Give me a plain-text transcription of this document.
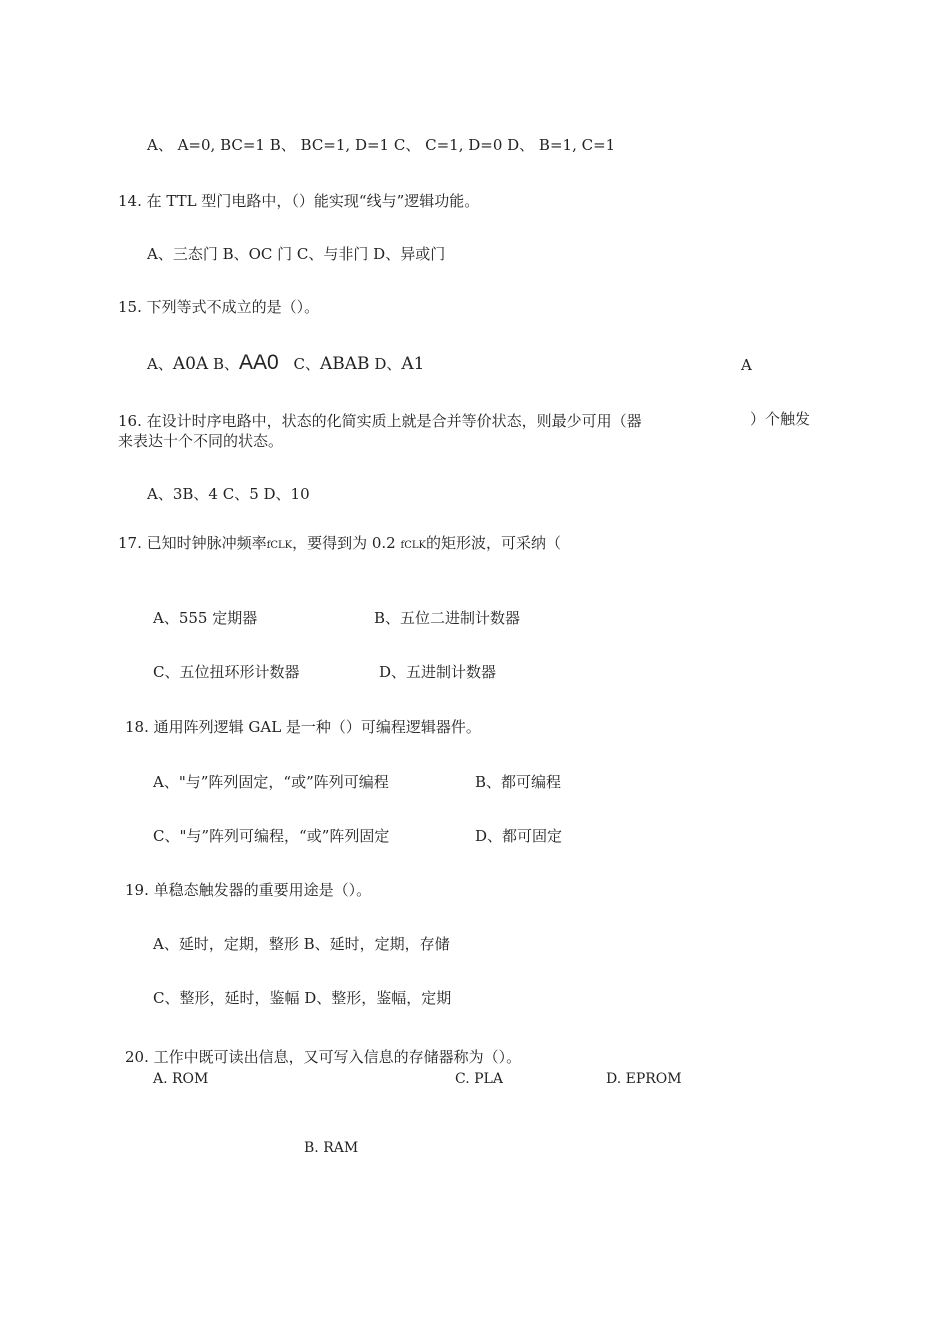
A、 A=0, BC=1 B、 BC=1, D=1 C、 C=1, D=0 D、 B=1, C=1
14. 在 TTL 型门电路中，（）能实现“线与”逻辑功能。
A、三态门 B、OC 门 C、与非门 D、异或门
15. 下列等式不成立的是（）。
A、A0A B、AA0 C、ABAB D、A1	A
16. 在设计时序电路中，状态的化简实质上就是合并等价状态，则最少可用（器	）个触发
来表达十个不同的状态。
A、3B、4 C、5 D、10
17. 已知时钟脉冲频率fCLK，要得到为 0.2 fCLK的矩形波，可采纳（
A、555 定期器	B、五位二进制计数器
C、五位扭环形计数器	D、五进制计数器
18. 通用阵列逻辑 GAL 是一种（）可编程逻辑器件。
A、"与”阵列固定，“或”阵列可编程	B、都可编程
C、"与”阵列可编程，“或”阵列固定	D、都可固定
19. 单稳态触发器的重要用途是（）。
A、延时，定期，整形 B、延时，定期，存储
C、整形，延时，鉴幅 D、整形，鉴幅，定期
20. 工作中既可读出信息，又可写入信息的存储器称为（）。
A. ROM	C. PLA	D. EPROM
B. RAM
